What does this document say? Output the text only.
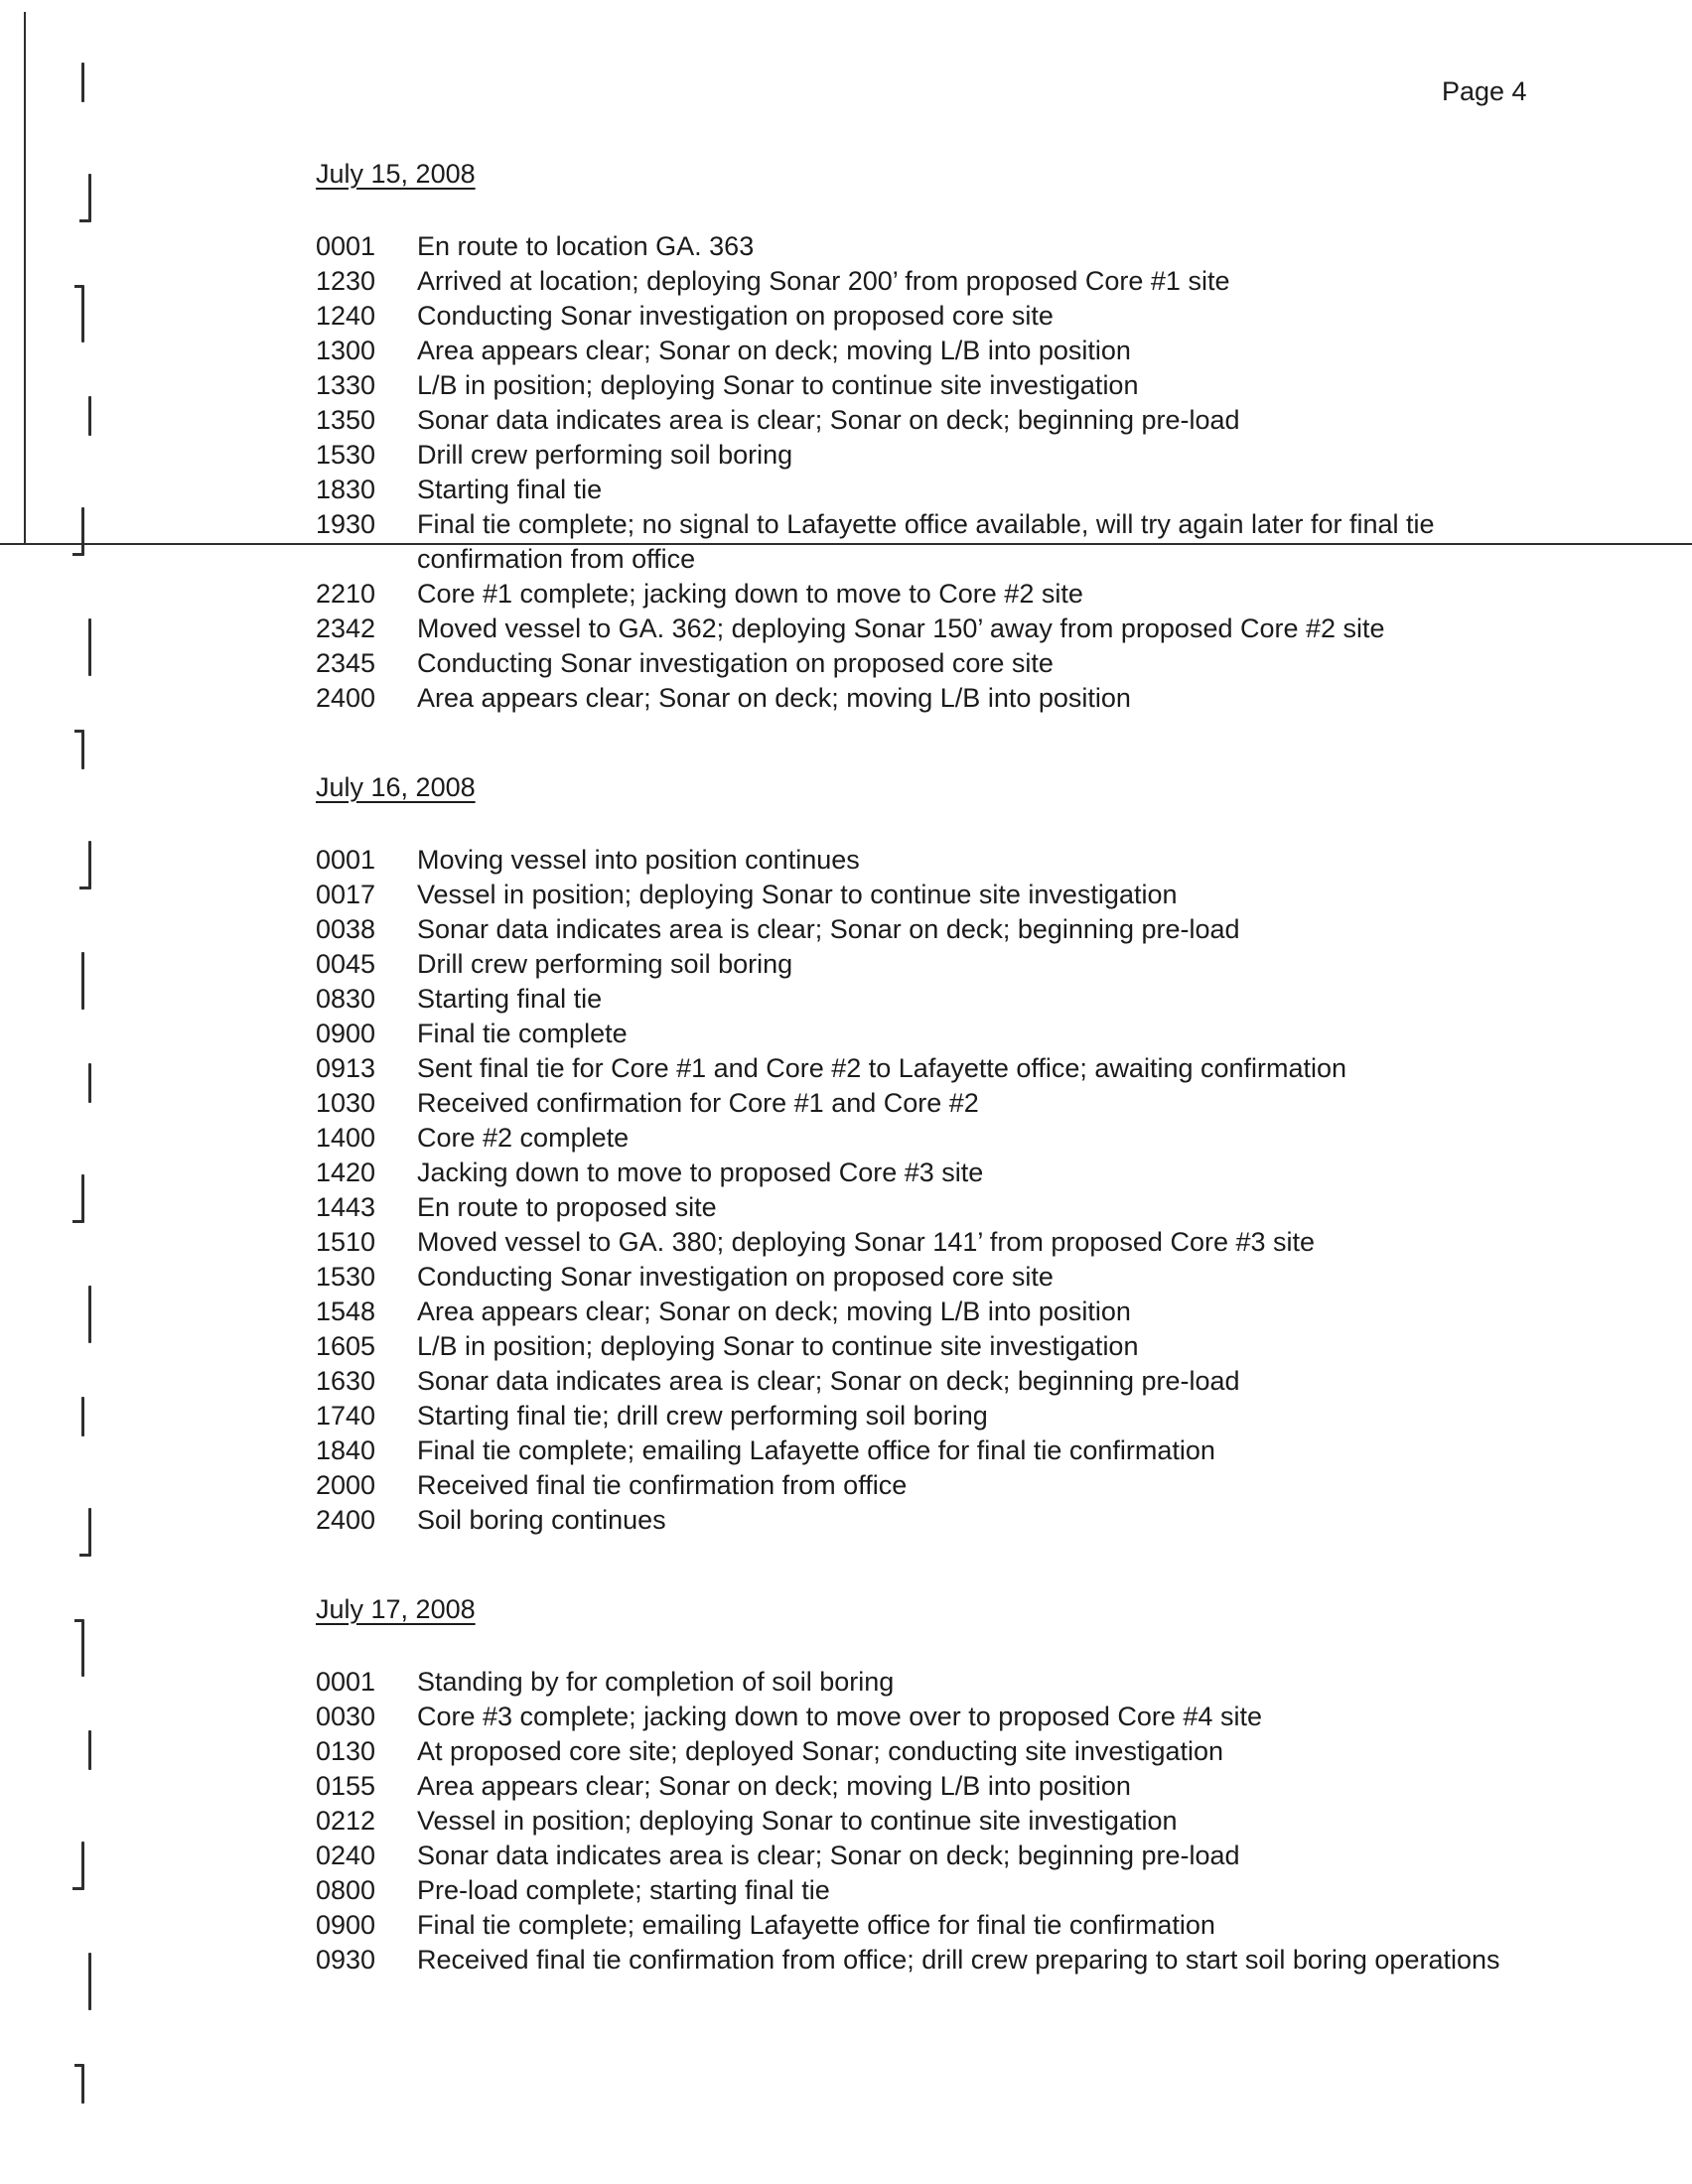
Page 4
July 15, 2008
0001	En route to location GA. 363
1230	Arrived at location; deploying Sonar 200’ from proposed Core #1 site
1240	Conducting Sonar investigation on proposed core site
1300	Area appears clear; Sonar on deck; moving L/B into position
1330	L/B in position; deploying Sonar to continue site investigation
1350	Sonar data indicates area is clear; Sonar on deck; beginning pre-load
1530	Drill crew performing soil boring
1830	Starting final tie
1930	Final tie complete; no signal to Lafayette office available, will try again later for final tie confirmation from office
2210	Core #1 complete; jacking down to move to Core #2 site
2342	Moved vessel to GA. 362; deploying Sonar 150’ away from proposed Core #2 site
2345	Conducting Sonar investigation on proposed core site
2400	Area appears clear; Sonar on deck; moving L/B into position
July 16, 2008
0001	Moving vessel into position continues
0017	Vessel in position; deploying Sonar to continue site investigation
0038	Sonar data indicates area is clear; Sonar on deck; beginning pre-load
0045	Drill crew performing soil boring
0830	Starting final tie
0900	Final tie complete
0913	Sent final tie for Core #1 and Core #2 to Lafayette office; awaiting confirmation
1030	Received confirmation for Core #1 and Core #2
1400	Core #2 complete
1420	Jacking down to move to proposed Core #3 site
1443	En route to proposed site
1510	Moved vessel to GA. 380; deploying Sonar 141’ from proposed Core #3 site
1530	Conducting Sonar investigation on proposed core site
1548	Area appears clear; Sonar on deck; moving L/B into position
1605	L/B in position; deploying Sonar to continue site investigation
1630	Sonar data indicates area is clear; Sonar on deck; beginning pre-load
1740	Starting final tie; drill crew performing soil boring
1840	Final tie complete; emailing Lafayette office for final tie confirmation
2000	Received final tie confirmation from office
2400	Soil boring continues
July 17, 2008
0001	Standing by for completion of soil boring
0030	Core #3 complete; jacking down to move over to proposed Core #4 site
0130	At proposed core site; deployed Sonar; conducting site investigation
0155	Area appears clear; Sonar on deck; moving L/B into position
0212	Vessel in position; deploying Sonar to continue site investigation
0240	Sonar data indicates area is clear; Sonar on deck; beginning pre-load
0800	Pre-load complete; starting final tie
0900	Final tie complete; emailing Lafayette office for final tie confirmation
0930	Received final tie confirmation from office; drill crew preparing to start soil boring operations
